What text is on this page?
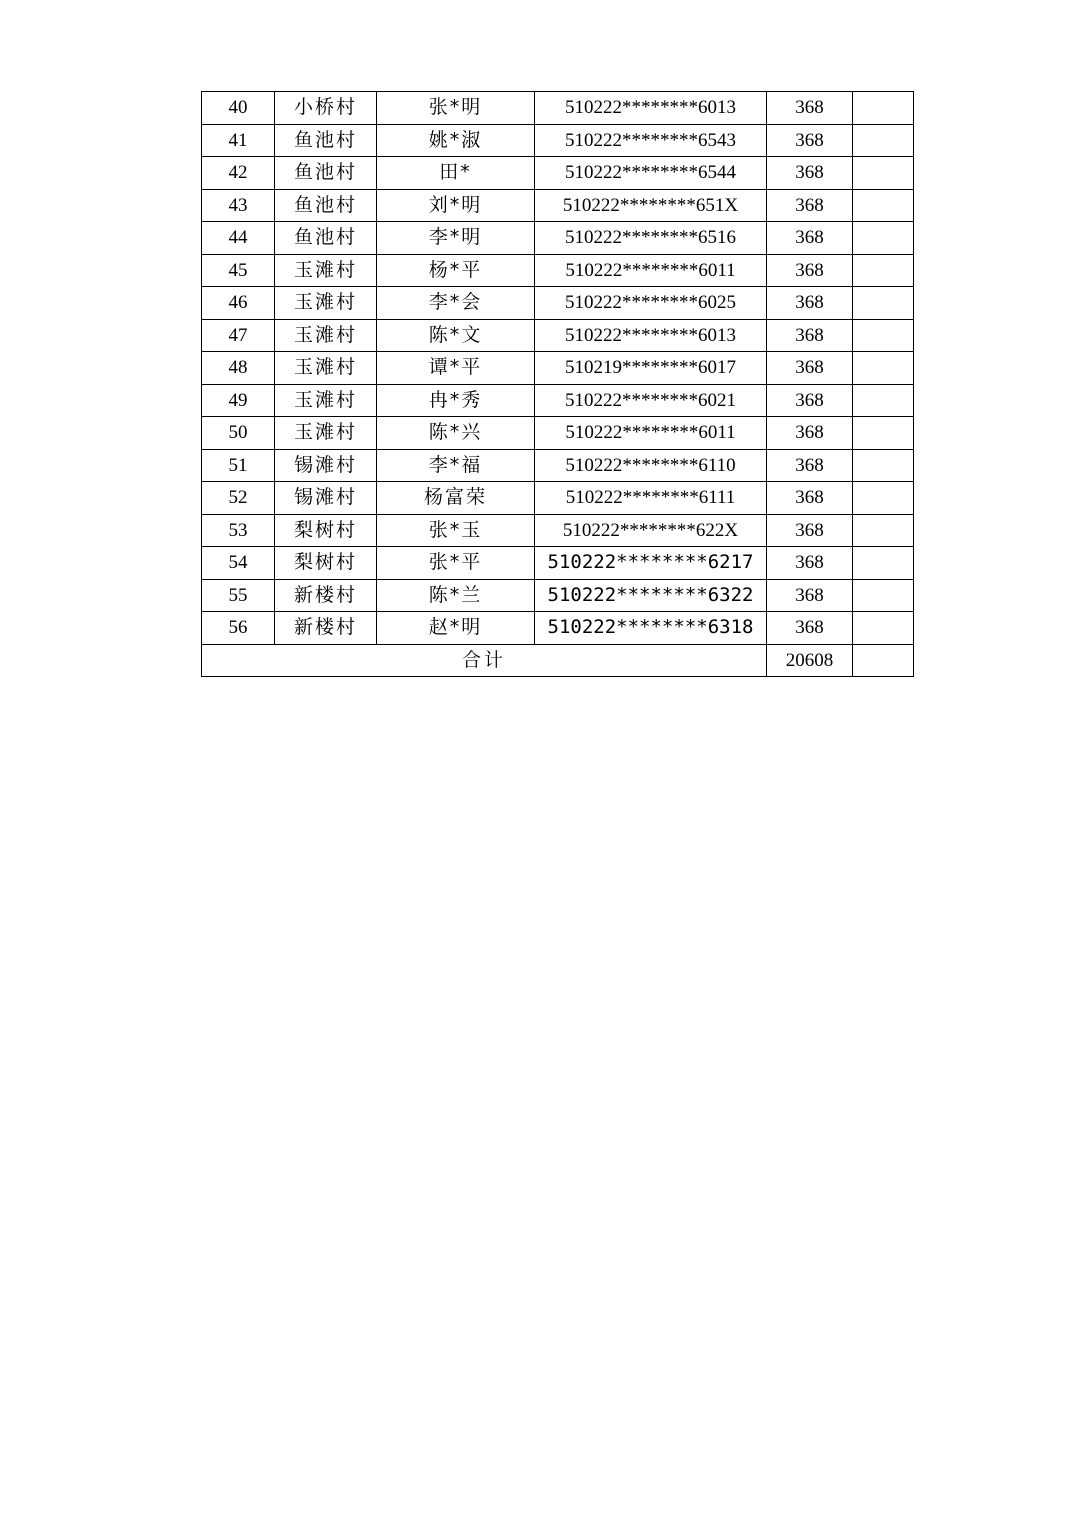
40	小桥村	张*明	510222********6013	368	
41	鱼池村	姚*淑	510222********6543	368	
42	鱼池村	田*	510222********6544	368	
43	鱼池村	刘*明	510222********651X	368	
44	鱼池村	李*明	510222********6516	368	
45	玉滩村	杨*平	510222********6011	368	
46	玉滩村	李*会	510222********6025	368	
47	玉滩村	陈*文	510222********6013	368	
48	玉滩村	谭*平	510219********6017	368	
49	玉滩村	冉*秀	510222********6021	368	
50	玉滩村	陈*兴	510222********6011	368	
51	锡滩村	李*福	510222********6110	368	
52	锡滩村	杨富荣	510222********6111	368	
53	梨树村	张*玉	510222********622X	368	
54	梨树村	张*平	510222********6217	368	
55	新楼村	陈*兰	510222********6322	368	
56	新楼村	赵*明	510222********6318	368	
合计				20608	
